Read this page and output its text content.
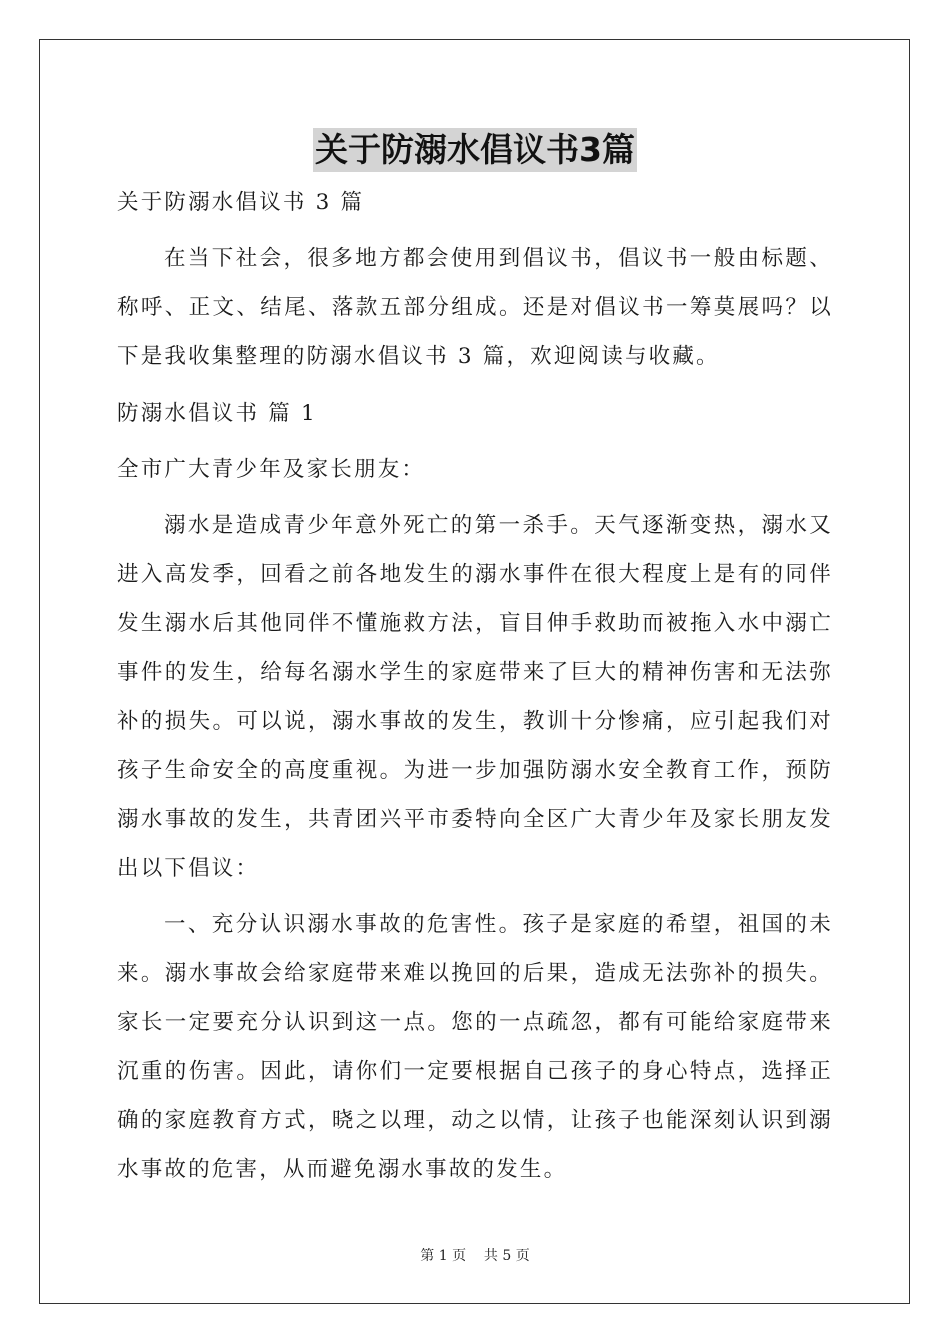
关于防溺水倡议书3篇
关于防溺水倡议书 3 篇

在当下社会，很多地方都会使用到倡议书，倡议书一般由标题、称呼、正文、结尾、落款五部分组成。还是对倡议书一筹莫展吗？以下是我收集整理的防溺水倡议书 3 篇，欢迎阅读与收藏。

防溺水倡议书 篇 1
全市广大青少年及家长朋友：

溺水是造成青少年意外死亡的第一杀手。天气逐渐变热，溺水又进入高发季，回看之前各地发生的溺水事件在很大程度上是有的同伴发生溺水后其他同伴不懂施救方法，盲目伸手救助而被拖入水中溺亡事件的发生，给每名溺水学生的家庭带来了巨大的精神伤害和无法弥补的损失。可以说，溺水事故的发生，教训十分惨痛，应引起我们对孩子生命安全的高度重视。为进一步加强防溺水安全教育工作，预防溺水事故的发生，共青团兴平市委特向全区广大青少年及家长朋友发出以下倡议：

一、充分认识溺水事故的危害性。孩子是家庭的希望，祖国的未来。溺水事故会给家庭带来难以挽回的后果，造成无法弥补的损失。家长一定要充分认识到这一点。您的一点疏忽，都有可能给家庭带来沉重的伤害。因此，请你们一定要根据自己孩子的身心特点，选择正确的家庭教育方式，晓之以理，动之以情，让孩子也能深刻认识到溺水事故的危害，从而避免溺水事故的发生。

第 1 页 共 5 页
